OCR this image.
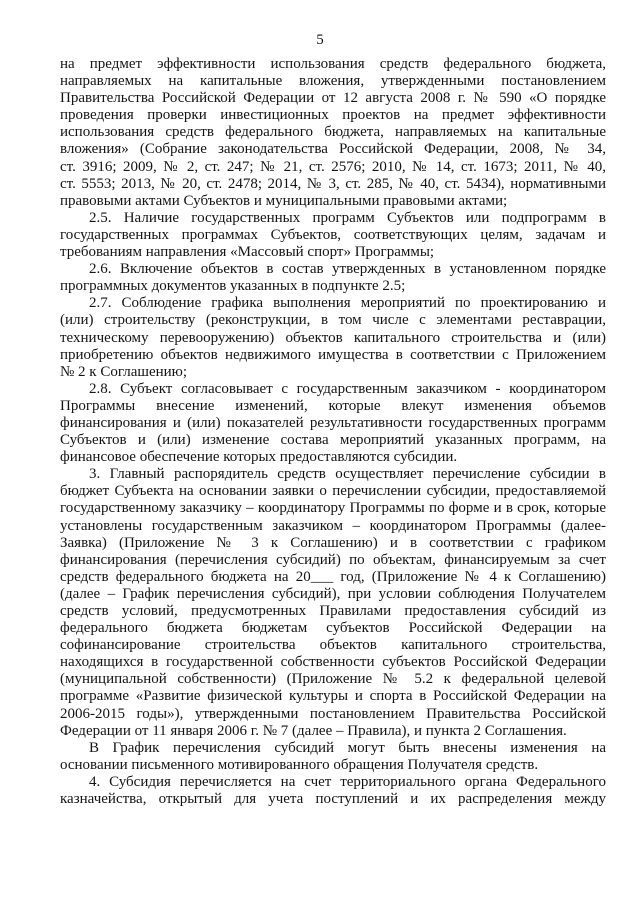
5
на предмет эффективности использования средств федерального бюджета,
направляемых на капитальные вложения, утвержденными постановлением
Правительства Российской Федерации от 12 августа 2008 г. № 590 «О порядке
проведения проверки инвестиционных проектов на предмет эффективности
использования средств федерального бюджета, направляемых на капитальные
вложения» (Собрание законодательства Российской Федерации, 2008, № 34,
ст. 3916; 2009, № 2, ст. 247; № 21, ст. 2576; 2010, № 14, ст. 1673; 2011, № 40,
ст. 5553; 2013, № 20, ст. 2478; 2014, № 3, ст. 285, № 40, ст. 5434), нормативными
правовыми актами Субъектов и муниципальными правовыми актами;
2.5. Наличие государственных программ Субъектов или подпрограмм в
государственных программах Субъектов, соответствующих целям, задачам и
требованиям направления «Массовый спорт» Программы;
2.6. Включение объектов в состав утвержденных в установленном порядке
программных документов указанных в подпункте 2.5;
2.7. Соблюдение графика выполнения мероприятий по проектированию и
(или) строительству (реконструкции, в том числе с элементами реставрации,
техническому перевооружению) объектов капитального строительства и (или)
приобретению объектов недвижимого имущества в соответствии с Приложением
№ 2 к Соглашению;
2.8. Субъект согласовывает с государственным заказчиком - координатором
Программы внесение изменений, которые влекут изменения объемов
финансирования и (или) показателей результативности государственных программ
Субъектов и (или) изменение состава мероприятий указанных программ, на
финансовое обеспечение которых предоставляются субсидии.
3. Главный распорядитель средств осуществляет перечисление субсидии в
бюджет Субъекта на основании заявки о перечислении субсидии, предоставляемой
государственному заказчику – координатору Программы по форме и в срок, которые
установлены государственным заказчиком – координатором Программы (далее-
Заявка) (Приложение № 3 к Соглашению) и в соответствии с графиком
финансирования (перечисления субсидий) по объектам, финансируемым за счет
средств федерального бюджета на 20___ год, (Приложение № 4 к Соглашению)
(далее – График перечисления субсидий), при условии соблюдения Получателем
средств условий, предусмотренных Правилами предоставления субсидий из
федерального бюджета бюджетам субъектов Российской Федерации на
софинансирование строительства объектов капитального строительства,
находящихся в государственной собственности субъектов Российской Федерации
(муниципальной собственности) (Приложение № 5.2 к федеральной целевой
программе «Развитие физической культуры и спорта в Российской Федерации на
2006-2015 годы»), утвержденными постановлением Правительства Российской
Федерации от 11 января 2006 г. № 7 (далее – Правила), и пункта 2 Соглашения.
В График перечисления субсидий могут быть внесены изменения на
основании письменного мотивированного обращения Получателя средств.
4. Субсидия перечисляется на счет территориального органа Федерального
казначейства, открытый для учета поступлений и их распределения между
